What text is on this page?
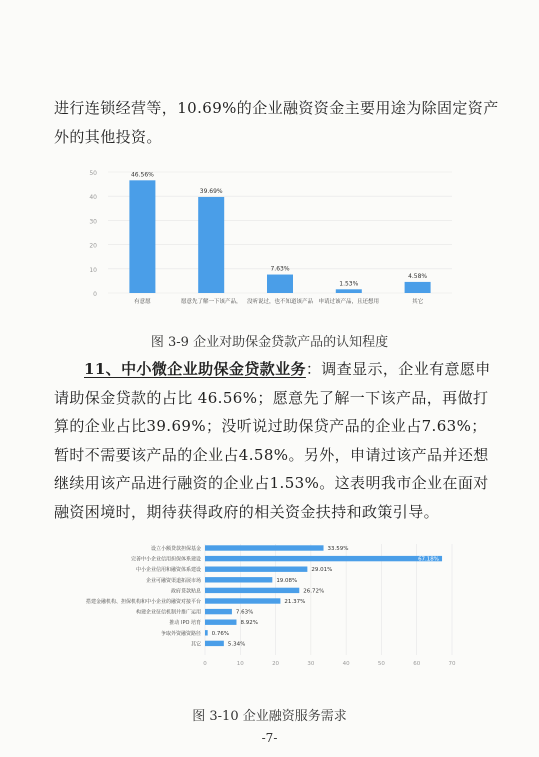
进行连锁经营等，10.69%的企业融资资金主要用途为除固定资产外的其他投资。

0
10
20
30
40
50	46.56%
有意愿
39.69%
愿意先了解一下该产品，
7.63%
没听说过，也不知道该产品
1.53%
申请过该产品，且还想用
4.58%
其它
图 3-9 企业对助保金贷款产品的认知程度

11、中小微企业助保金贷款业务：调查显示，企业有意愿申请助保金贷款的占比 46.56%；愿意先了解一下该产品，再做打算的企业占比39.69%；没听说过助保贷产品的企业占7.63%；暂时不需要该产品的企业占4.58%。另外，申请过该产品并还想继续用该产品进行融资的企业占1.53%。这表明我市企业在面对融资困境时，期待获得政府的相关资金扶持和政策引导。

0	10	20	30	40	50	60	70
设立小额贷款担保基金	33.59%
完善中小企业信用担保体系建设	67.18%
中小企业信用和融资体系建设	29.01%
企业可融资渠道拓展市场	19.08%
政府贷款贴息	26.72%
搭建金融机构、担保机构和中小企业的融资对接平台	21.37%
构建企业征信机制并推广运用	7.63%
推动 IPO 培育	8.92%
争取外资融资路径 0.76%
其它	5.34%
图 3-10 企业融资服务需求
-7-
